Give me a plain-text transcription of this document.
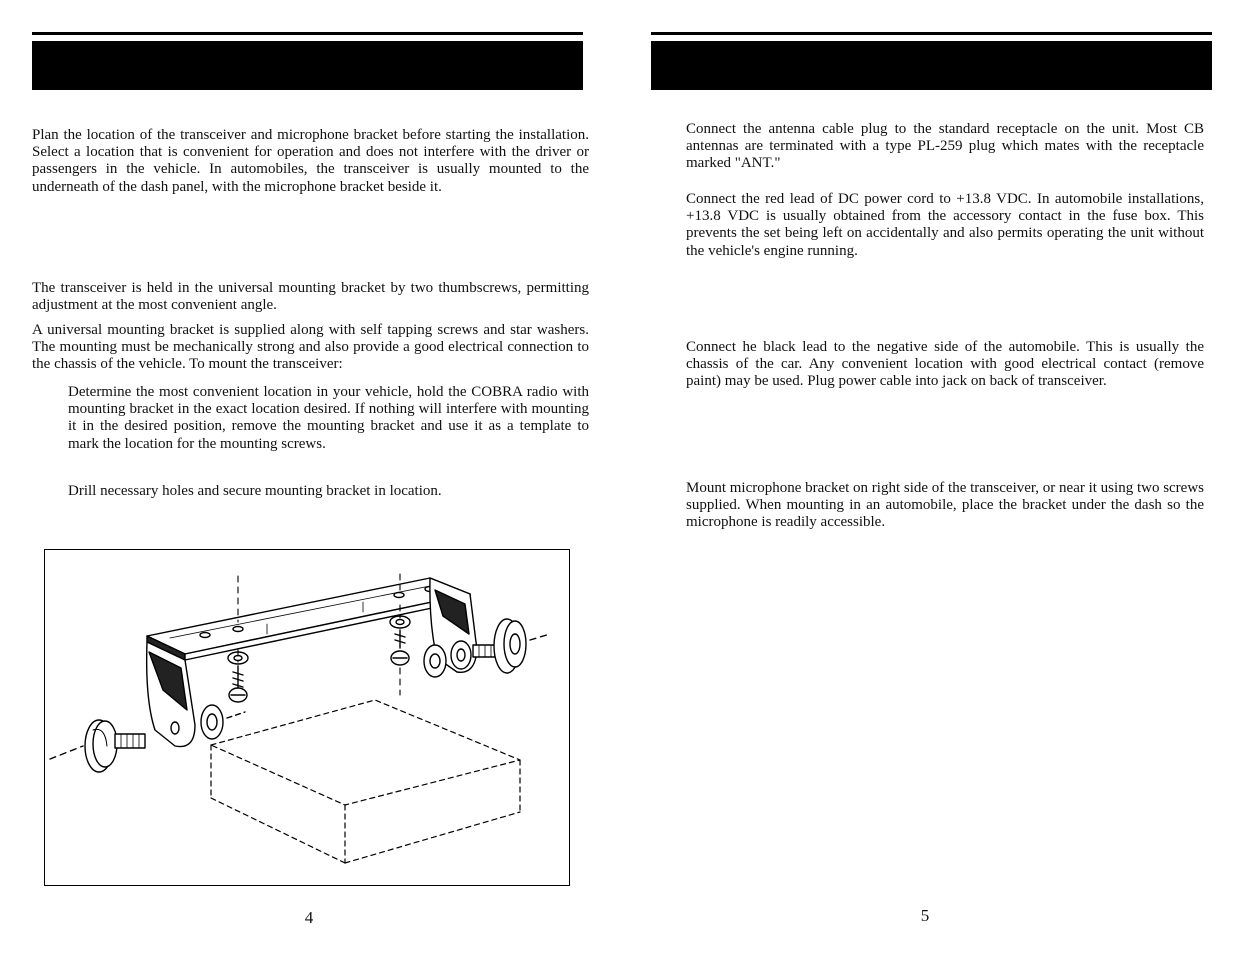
Plan the location of the transceiver and microphone bracket before starting the installation. Select a location that is convenient for operation and does not interfere with the driver or passengers in the vehicle. In automobiles, the transceiver is usually mounted to the underneath of the dash panel, with the microphone bracket beside it.

The transceiver is held in the universal mounting bracket by two thumbscrews, permitting adjustment at the most convenient angle.

A universal mounting bracket is supplied along with self tapping screws and star washers. The mounting must be mechanically strong and also provide a good electrical connection to the chassis of the vehicle. To mount the transceiver:

Determine the most convenient location in your vehicle, hold the COBRA radio with mounting bracket in the exact location desired. If nothing will interfere with mounting it in the desired position, remove the mounting bracket and use it as a template to mark the location for the mounting screws.

Drill necessary holes and secure mounting bracket in location.

4

Connect the antenna cable plug to the standard receptacle on the unit. Most CB antennas are terminated with a type PL-259 plug which mates with the receptacle marked "ANT."

Connect the red lead of DC power cord to +13.8 VDC. In automobile installations, +13.8 VDC is usually obtained from the accessory contact in the fuse box. This prevents the set being left on accidentally and also permits operating the unit without the vehicle's engine running.

Connect he black lead to the negative side of the automobile. This is usually the chassis of the car. Any convenient location with good electrical contact (remove paint) may be used. Plug power cable into jack on back of transceiver.

Mount microphone bracket on right side of the transceiver, or near it using two screws supplied. When mounting in an automobile, place the bracket under the dash so the microphone is readily accessible.

5
